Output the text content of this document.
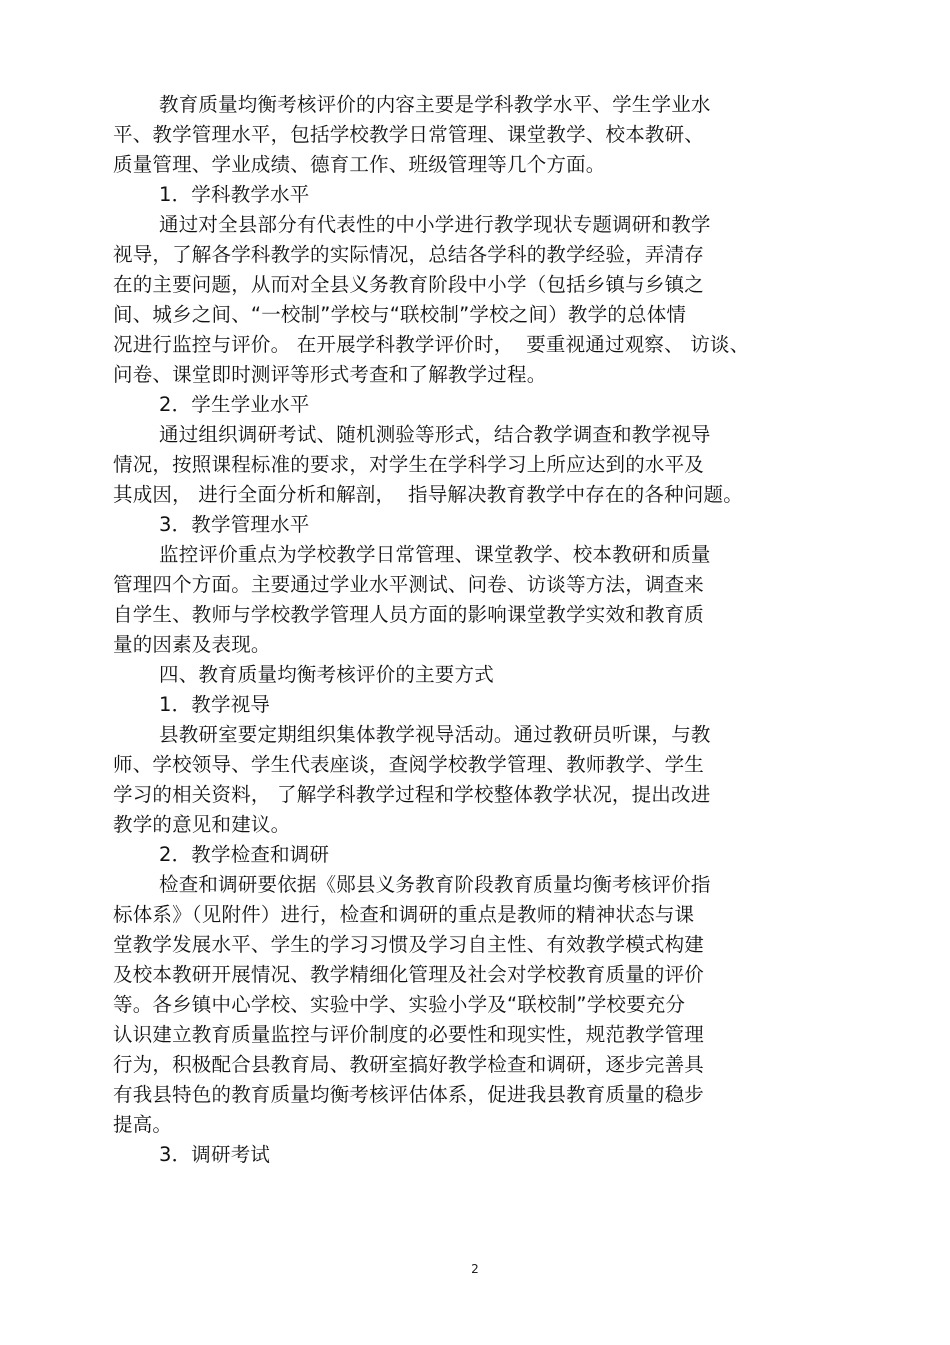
教育质量均衡考核评价的内容主要是学科教学水平、学生学业水
平、教学管理水平，包括学校教学日常管理、课堂教学、校本教研、
质量管理、学业成绩、德育工作、班级管理等几个方面。
1．学科教学水平
通过对全县部分有代表性的中小学进行教学现状专题调研和教学
视导，了解各学科教学的实际情况，总结各学科的教学经验，弄清存
在的主要问题，从而对全县义务教育阶段中小学（包括乡镇与乡镇之
间、城乡之间、“一校制”学校与“联校制”学校之间）教学的总体情
况进行监控与评价。 在开展学科教学评价时，  要重视通过观察、 访谈、
问卷、课堂即时测评等形式考查和了解教学过程。
2．学生学业水平
通过组织调研考试、随机测验等形式，结合教学调查和教学视导
情况，按照课程标准的要求，对学生在学科学习上所应达到的水平及
其成因， 进行全面分析和解剖，  指导解决教育教学中存在的各种问题。
3．教学管理水平
监控评价重点为学校教学日常管理、课堂教学、校本教研和质量
管理四个方面。主要通过学业水平测试、问卷、访谈等方法，调查来
自学生、教师与学校教学管理人员方面的影响课堂教学实效和教育质
量的因素及表现。
四、教育质量均衡考核评价的主要方式
1．教学视导
县教研室要定期组织集体教学视导活动。通过教研员听课，与教
师、学校领导、学生代表座谈，查阅学校教学管理、教师教学、学生
学习的相关资料， 了解学科教学过程和学校整体教学状况，提出改进
教学的意见和建议。
2．教学检查和调研
检查和调研要依据《郧县义务教育阶段教育质量均衡考核评价指
标体系》（见附件）进行，检查和调研的重点是教师的精神状态与课
堂教学发展水平、学生的学习习惯及学习自主性、有效教学模式构建
及校本教研开展情况、教学精细化管理及社会对学校教育质量的评价
等。各乡镇中心学校、实验中学、实验小学及“联校制”学校要充分
认识建立教育质量监控与评价制度的必要性和现实性，规范教学管理
行为，积极配合县教育局、教研室搞好教学检查和调研，逐步完善具
有我县特色的教育质量均衡考核评估体系，促进我县教育质量的稳步
提高。
3．调研考试
2
